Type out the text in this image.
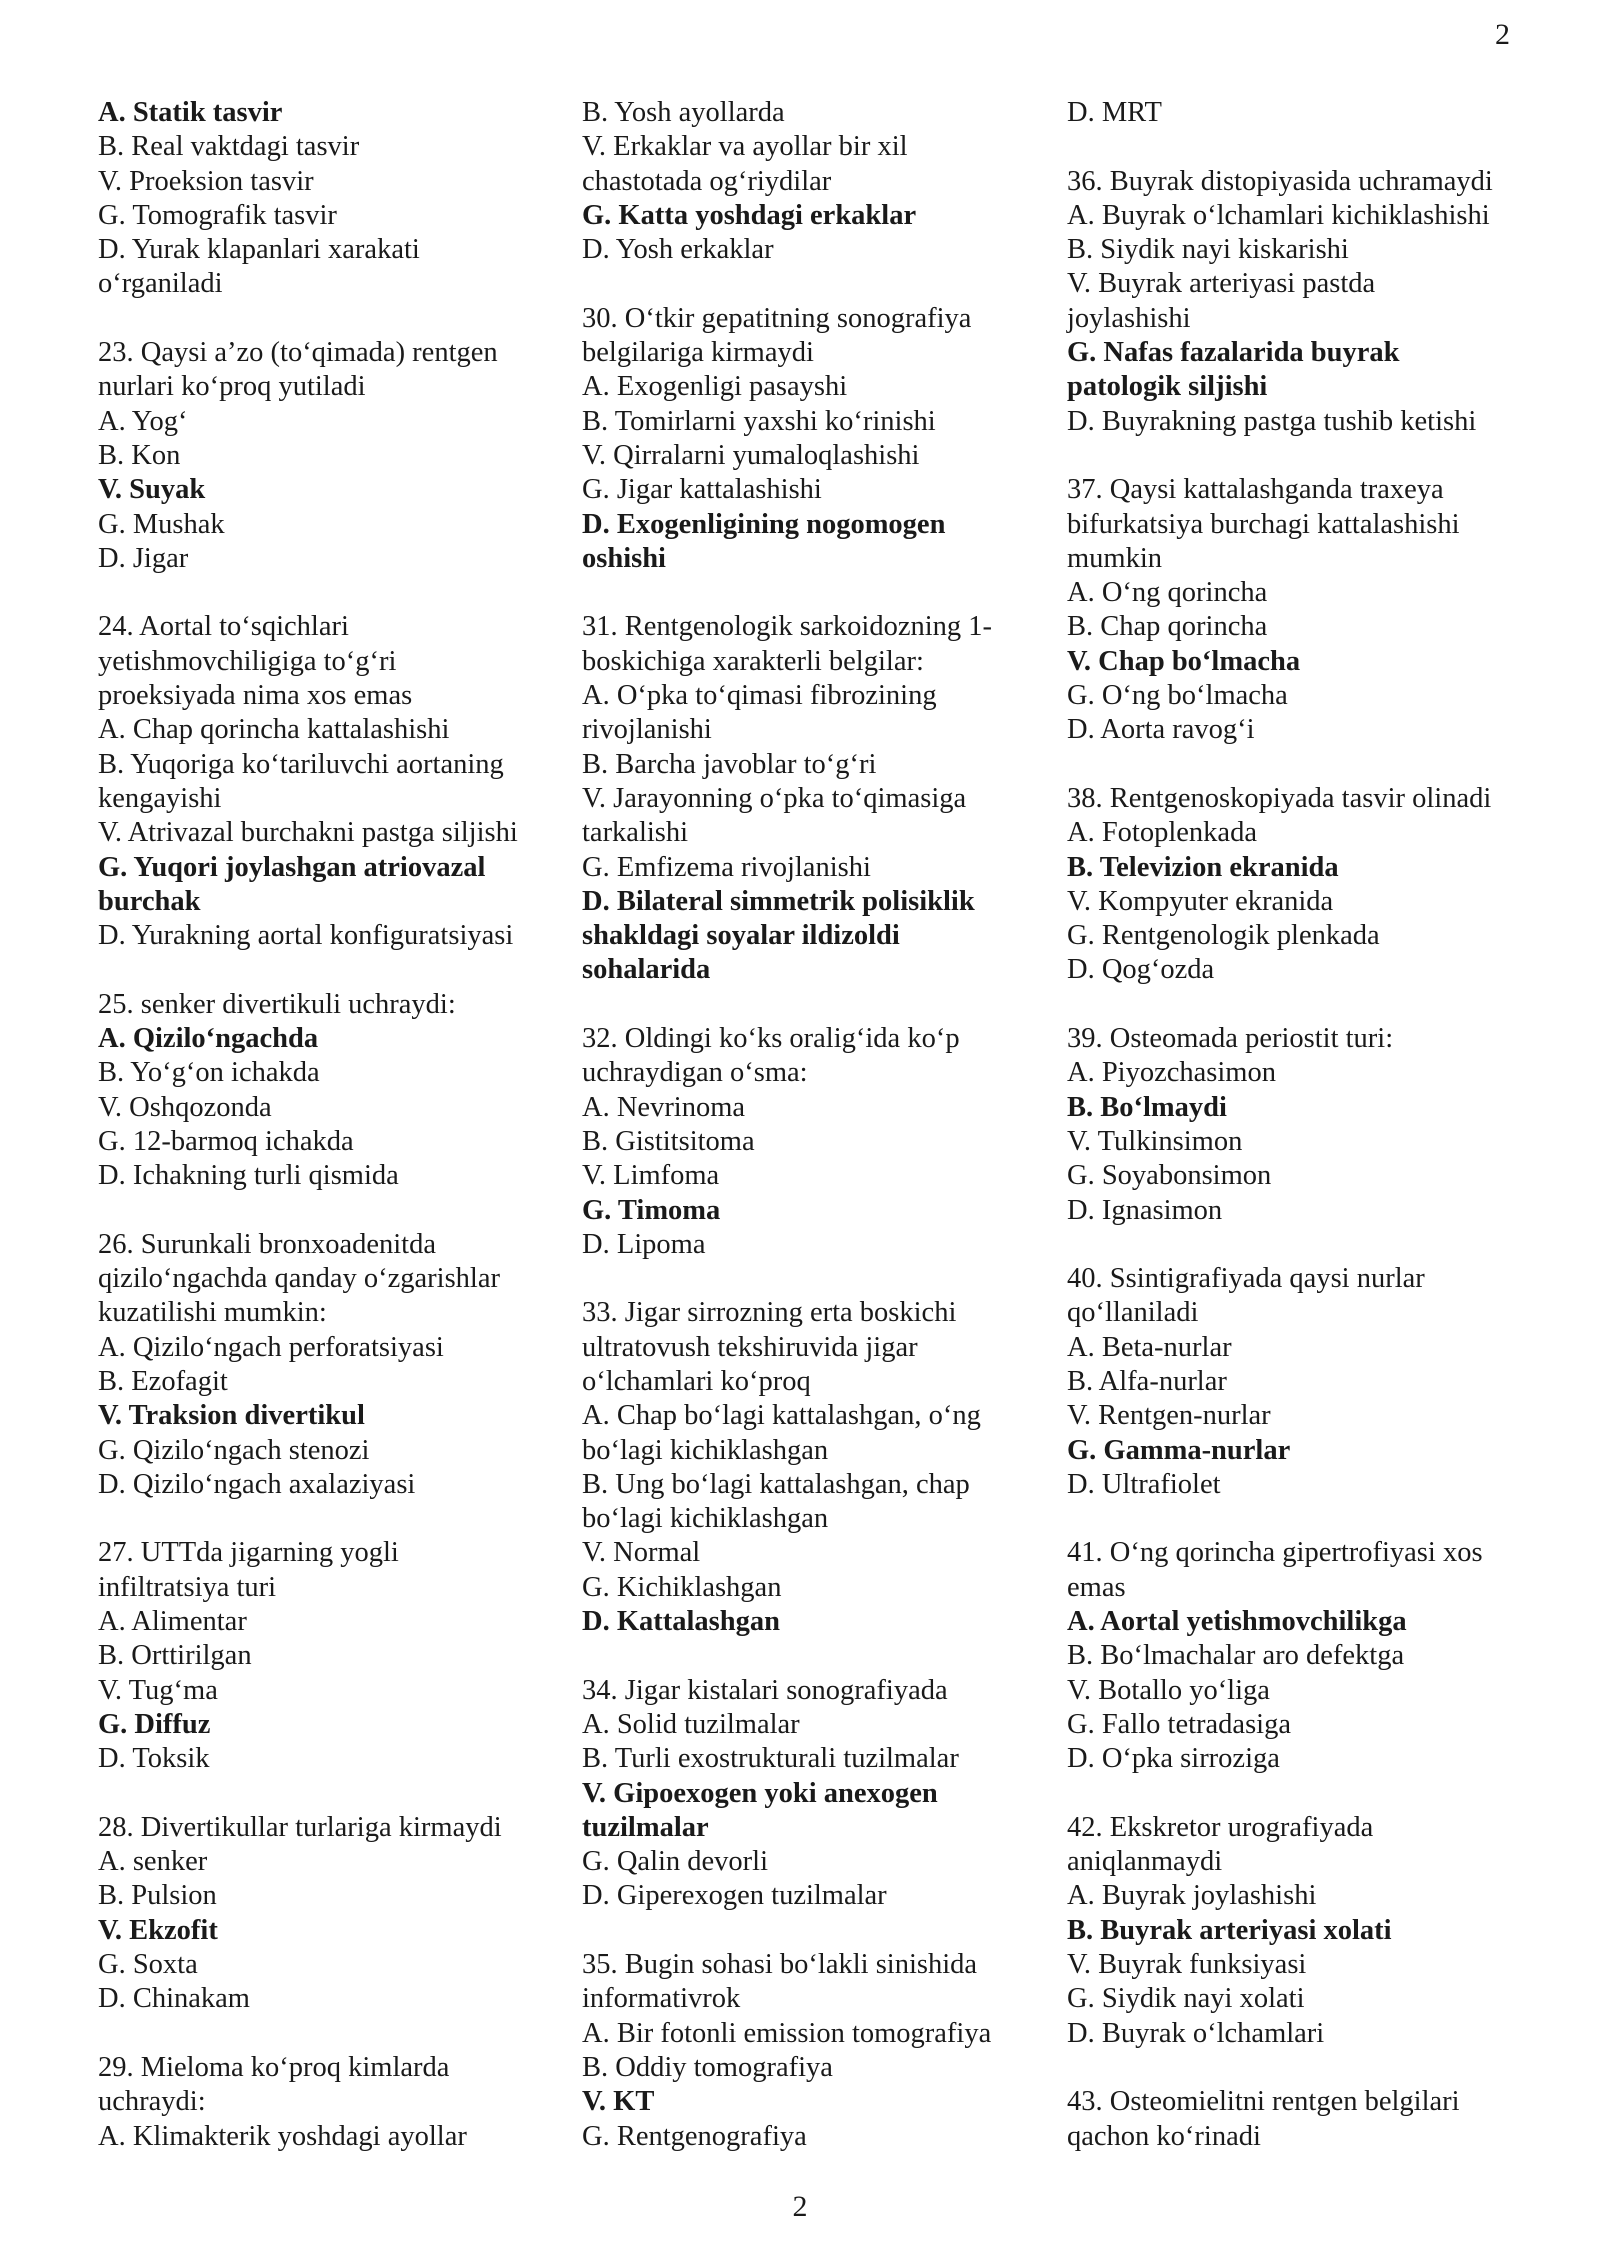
2
A. Statik tasvir
B. Real vaktdagi tasvir
V. Proeksion tasvir
G. Tomografik tasvir
D. Yurak klapanlari xarakati
o‘rganiladi
23. Qaysi a’zo (to‘qimada) rentgen
nurlari ko‘proq yutiladi
A. Yog‘
B. Kon
V. Suyak
G. Mushak
D. Jigar
24. Aortal to‘sqichlari
yetishmovchiligiga to‘g‘ri
proeksiyada nima xos emas
A. Chap qorincha kattalashishi
B. Yuqoriga ko‘tariluvchi aortaning
kengayishi
V. Atrivazal burchakni pastga siljishi
G. Yuqori joylashgan atriovazal
burchak
D. Yurakning aortal konfiguratsiyasi
25. senker divertikuli uchraydi:
A. Qizilo‘ngachda
B. Yo‘g‘on ichakda
V. Oshqozonda
G. 12-barmoq ichakda
D. Ichakning turli qismida
26. Surunkali bronxoadenitda
qizilo‘ngachda qanday o‘zgarishlar
kuzatilishi mumkin:
A. Qizilo‘ngach perforatsiyasi
B. Ezofagit
V. Traksion divertikul
G. Qizilo‘ngach stenozi
D. Qizilo‘ngach axalaziyasi
27. UTTda jigarning yogli
infiltratsiya turi
A. Alimentar
B. Orttirilgan
V. Tug‘ma
G. Diffuz
D. Toksik
28. Divertikullar turlariga kirmaydi
A. senker
B. Pulsion
V. Ekzofit
G. Soxta
D. Chinakam
29. Mieloma ko‘proq kimlarda
uchraydi:
A. Klimakterik yoshdagi ayollar
B. Yosh ayollarda
V. Erkaklar va ayollar bir xil
chastotada og‘riydilar
G. Katta yoshdagi erkaklar
D. Yosh erkaklar
30. O‘tkir gepatitning sonografiya
belgilariga kirmaydi
A. Exogenligi pasayshi
B. Tomirlarni yaxshi ko‘rinishi
V. Qirralarni yumaloqlashishi
G. Jigar kattalashishi
D. Exogenligining nogomogen
oshishi
31. Rentgenologik sarkoidozning 1-
boskichiga xarakterli belgilar:
A. O‘pka to‘qimasi fibrozining
rivojlanishi
B. Barcha javoblar to‘g‘ri
V. Jarayonning o‘pka to‘qimasiga
tarkalishi
G. Emfizema rivojlanishi
D. Bilateral simmetrik polisiklik
shakldagi soyalar ildizoldi
sohalarida
32. Oldingi ko‘ks oralig‘ida ko‘p
uchraydigan o‘sma:
A. Nevrinoma
B. Gistitsitoma
V. Limfoma
G. Timoma
D. Lipoma
33. Jigar sirrozning erta boskichi
ultratovush tekshiruvida jigar
o‘lchamlari ko‘proq
A. Chap bo‘lagi kattalashgan, o‘ng
bo‘lagi kichiklashgan
B. Ung bo‘lagi kattalashgan, chap
bo‘lagi kichiklashgan
V. Normal
G. Kichiklashgan
D. Kattalashgan
34. Jigar kistalari sonografiyada
A. Solid tuzilmalar
B. Turli exostrukturali tuzilmalar
V. Gipoexogen yoki anexogen
tuzilmalar
G. Qalin devorli
D. Giperexogen tuzilmalar
35. Bugin sohasi bo‘lakli sinishida
informativrok
A. Bir fotonli emission tomografiya
B. Oddiy tomografiya
V. KT
G. Rentgenografiya
D. MRT
36. Buyrak distopiyasida uchramaydi
A. Buyrak o‘lchamlari kichiklashishi
B. Siydik nayi kiskarishi
V. Buyrak arteriyasi pastda
joylashishi
G. Nafas fazalarida buyrak
patologik siljishi
D. Buyrakning pastga tushib ketishi
37. Qaysi kattalashganda traxeya
bifurkatsiya burchagi kattalashishi
mumkin
A. O‘ng qorincha
B. Chap qorincha
V. Chap bo‘lmacha
G. O‘ng bo‘lmacha
D. Aorta ravog‘i
38. Rentgenoskopiyada tasvir olinadi
A. Fotoplenkada
B. Televizion ekranida
V. Kompyuter ekranida
G. Rentgenologik plenkada
D. Qog‘ozda
39. Osteomada periostit turi:
A. Piyozchasimon
B. Bo‘lmaydi
V. Tulkinsimon
G. Soyabonsimon
D. Ignasimon
40. Ssintigrafiyada qaysi nurlar
qo‘llaniladi
A. Beta-nurlar
B. Alfa-nurlar
V. Rentgen-nurlar
G. Gamma-nurlar
D. Ultrafiolet
41. O‘ng qorincha gipertrofiyasi xos
emas
A. Aortal yetishmovchilikga
B. Bo‘lmachalar aro defektga
V. Botallo yo‘liga
G. Fallo tetradasiga
D. O‘pka sirroziga
42. Ekskretor urografiyada
aniqlanmaydi
A. Buyrak joylashishi
B. Buyrak arteriyasi xolati
V. Buyrak funksiyasi
G. Siydik nayi xolati
D. Buyrak o‘lchamlari
43. Osteomielitni rentgen belgilari
qachon ko‘rinadi
2
